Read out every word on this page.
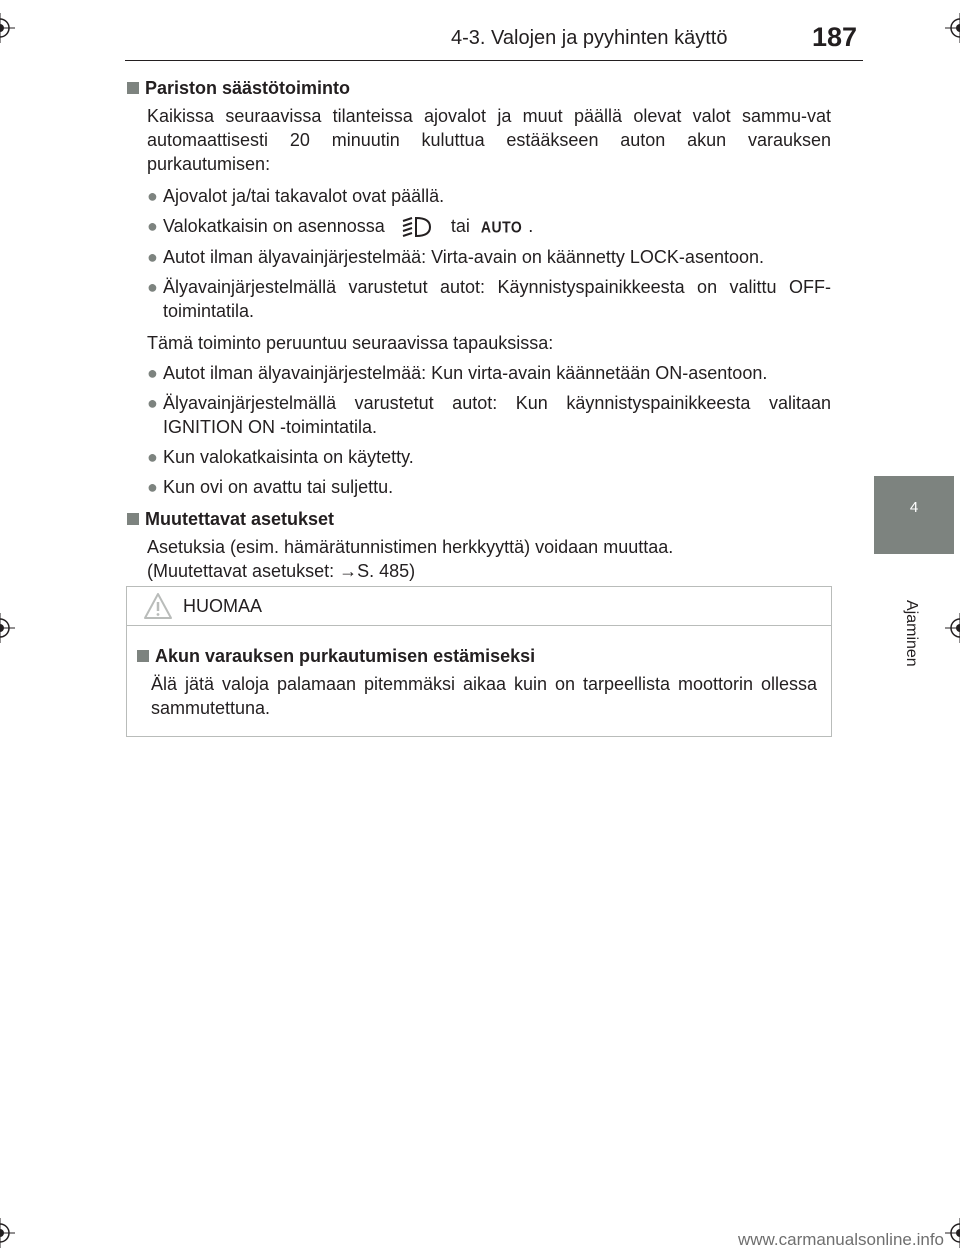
4-3. Valojen ja pyyhinten käyttö	187
4
Ajaminen
Pariston säästötoiminto

Kaikissa seuraavissa tilanteissa ajovalot ja muut päällä olevat valot sammu-vat automaattisesti 20 minuutin kuluttua estääkseen auton akun varauksen purkautumisen:

● Ajovalot ja/tai takavalot ovat päällä.
● Valokatkaisin on asennossa	tai AUTO .
● Autot ilman älyavainjärjestelmää: Virta-avain on käännetty LOCK-asentoon.
● Älyavainjärjestelmällä varustetut autot: Käynnistyspainikkeesta on valittu OFF-toimintatila.

Tämä toiminto peruuntuu seuraavissa tapauksissa:

● Autot ilman älyavainjärjestelmää: Kun virta-avain käännetään ON-asentoon.
● Älyavainjärjestelmällä varustetut autot: Kun käynnistyspainikkeesta valitaan IGNITION ON -toimintatila.
● Kun valokatkaisinta on käytetty.
● Kun ovi on avattu tai suljettu.
Muutettavat asetukset

Asetuksia (esim. hämärätunnistimen herkkyyttä) voidaan muuttaa.

(Muutettavat asetukset: →S. 485)

HUOMAA
Akun varauksen purkautumisen estämiseksi

Älä jätä valoja palamaan pitemmäksi aikaa kuin on tarpeellista moottorin ollessa sammutettuna.

www.carmanualsonline.info
